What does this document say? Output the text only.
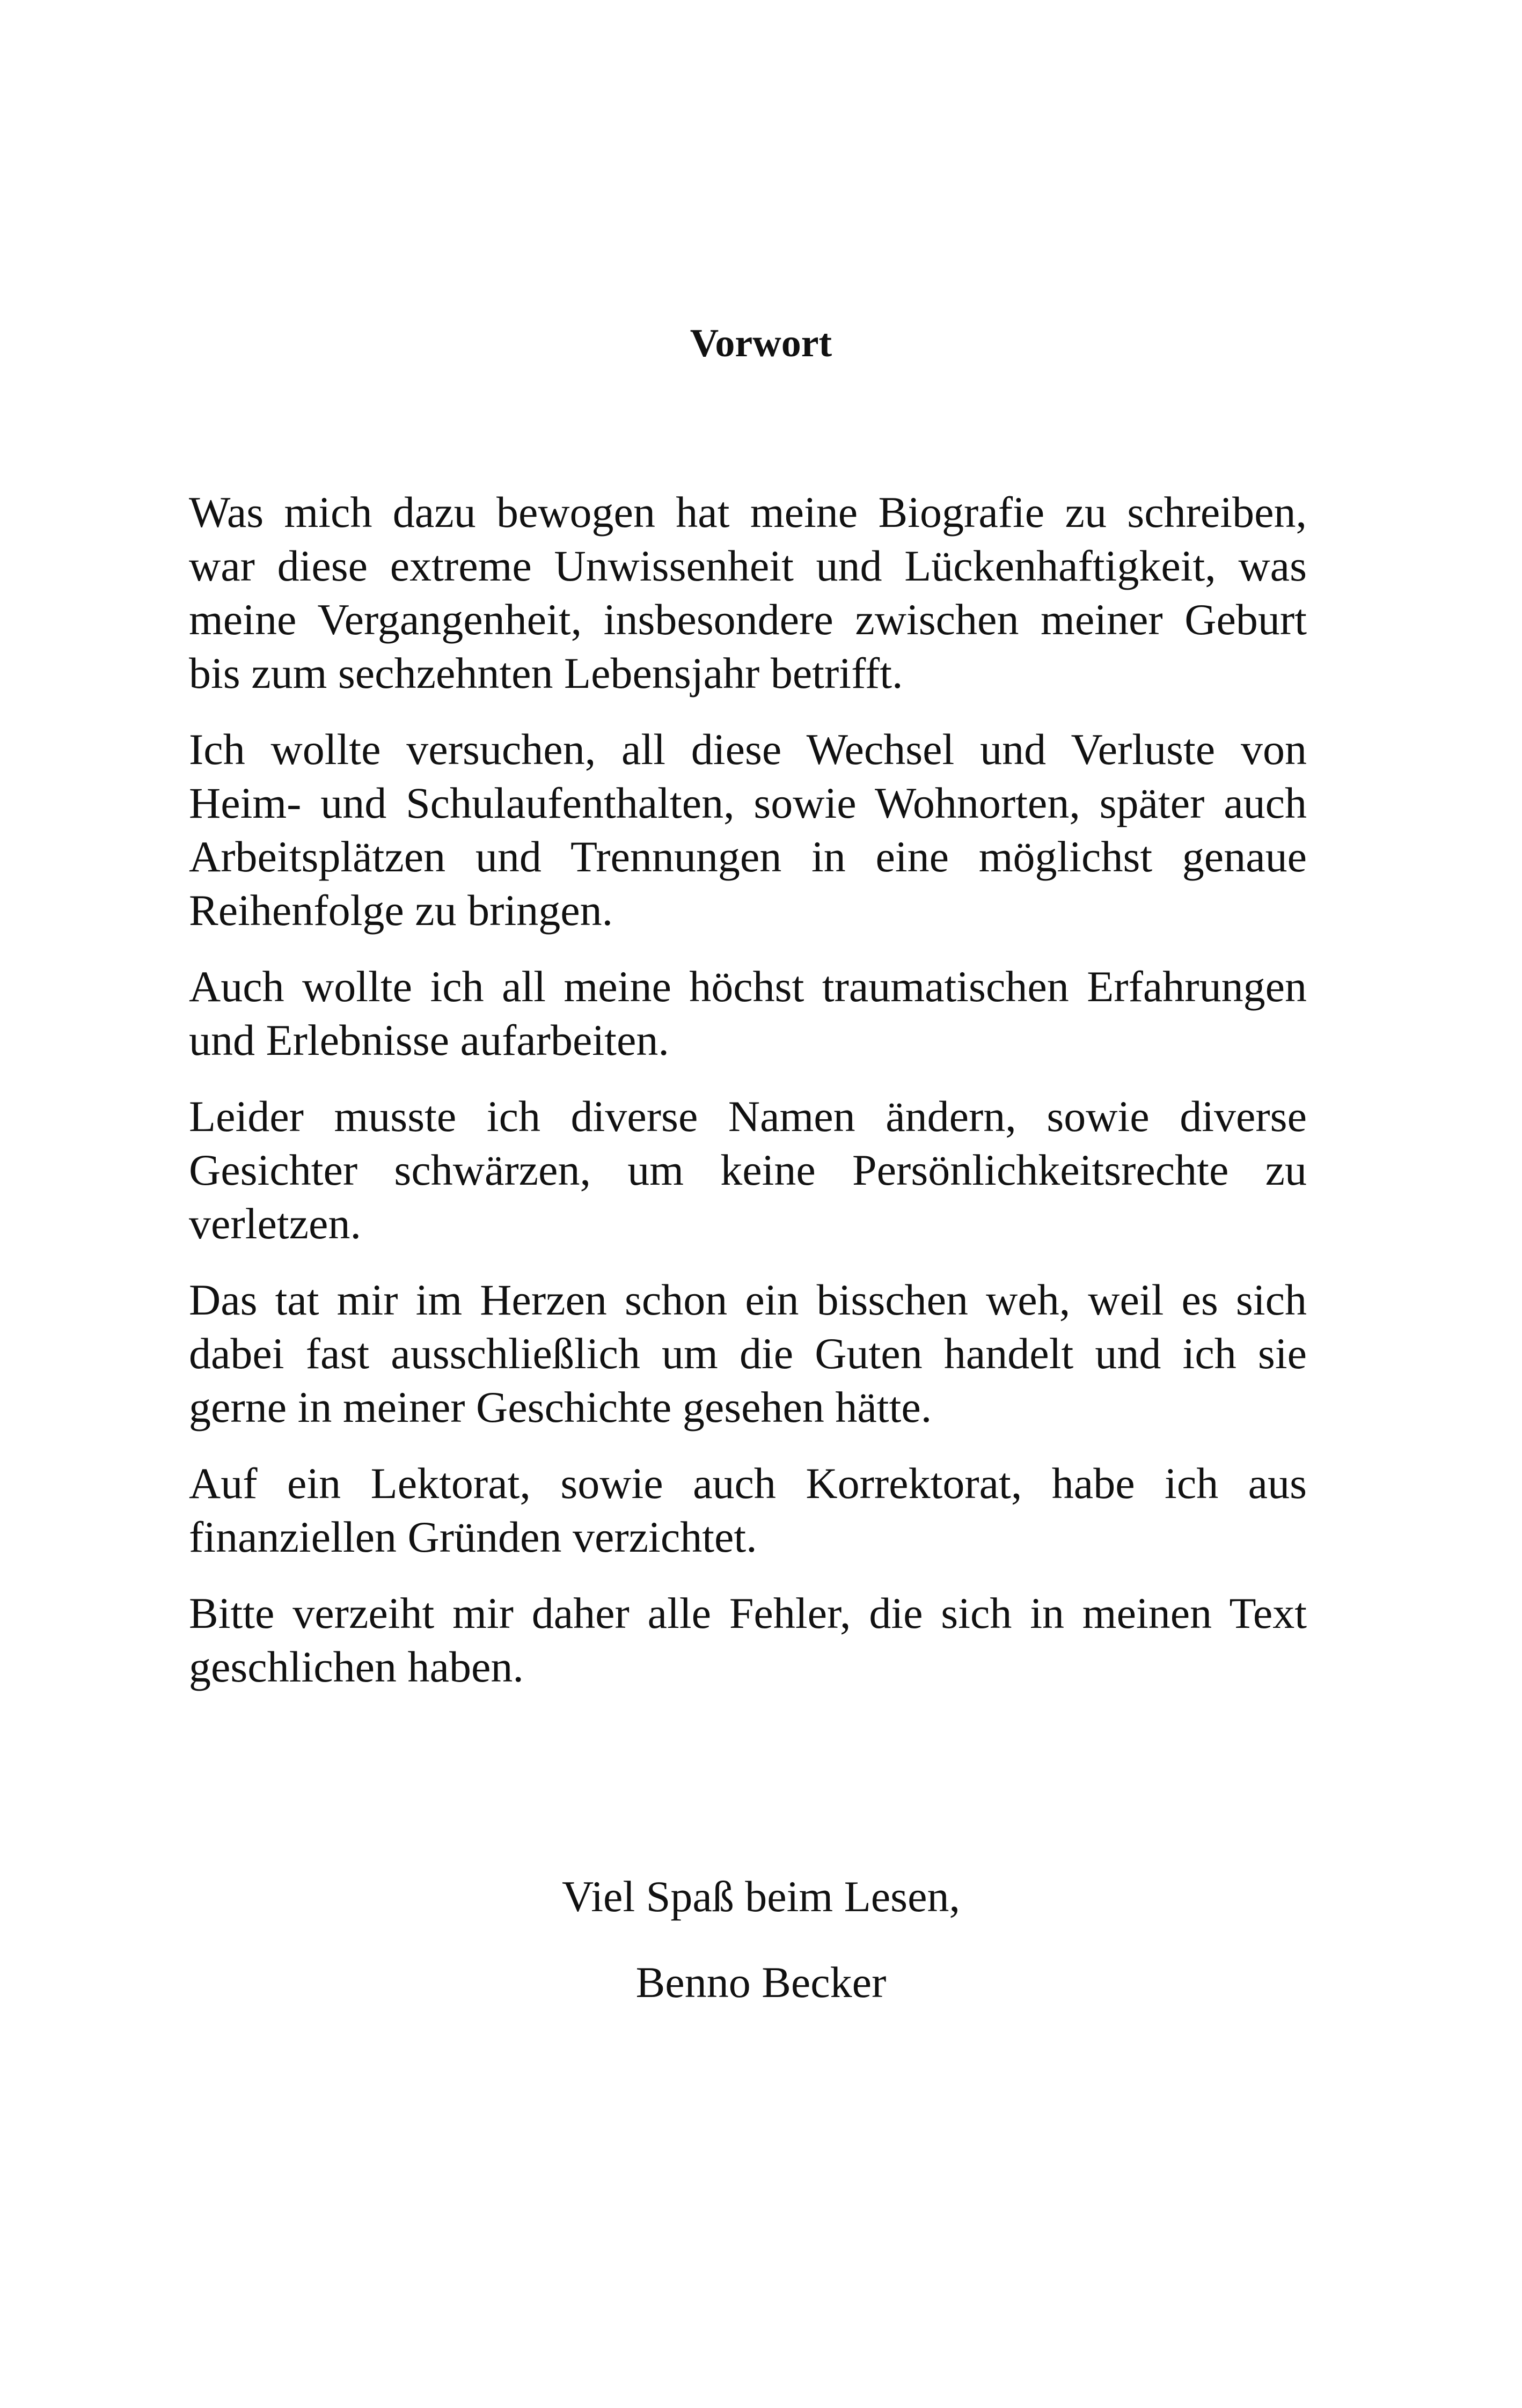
Vorwort

Was mich dazu bewogen hat meine Biografie zu schreiben, war diese extreme Unwissenheit und Lückenhaftigkeit, was meine Vergangenheit, insbesondere zwischen meiner Geburt bis zum sechzehnten Lebensjahr betrifft.

Ich wollte versuchen, all diese Wechsel und Verluste von Heim- und Schulaufenthalten, sowie Wohnorten, später auch Arbeitsplätzen und Trennungen in eine möglichst genaue Reihenfolge zu bringen.

Auch wollte ich all meine höchst traumatischen Erfahrungen und Erlebnisse aufarbeiten.

Leider musste ich diverse Namen ändern, sowie diverse Gesichter schwärzen, um keine Persönlichkeitsrechte zu verletzen.

Das tat mir im Herzen schon ein bisschen weh, weil es sich dabei fast ausschließlich um die Guten handelt und ich sie gerne in meiner Geschichte gesehen hätte.

Auf ein Lektorat, sowie auch Korrektorat, habe ich aus finanziellen Gründen verzichtet.

Bitte verzeiht mir daher alle Fehler, die sich in meinen Text geschlichen haben.

Viel Spaß beim Lesen,

Benno Becker
